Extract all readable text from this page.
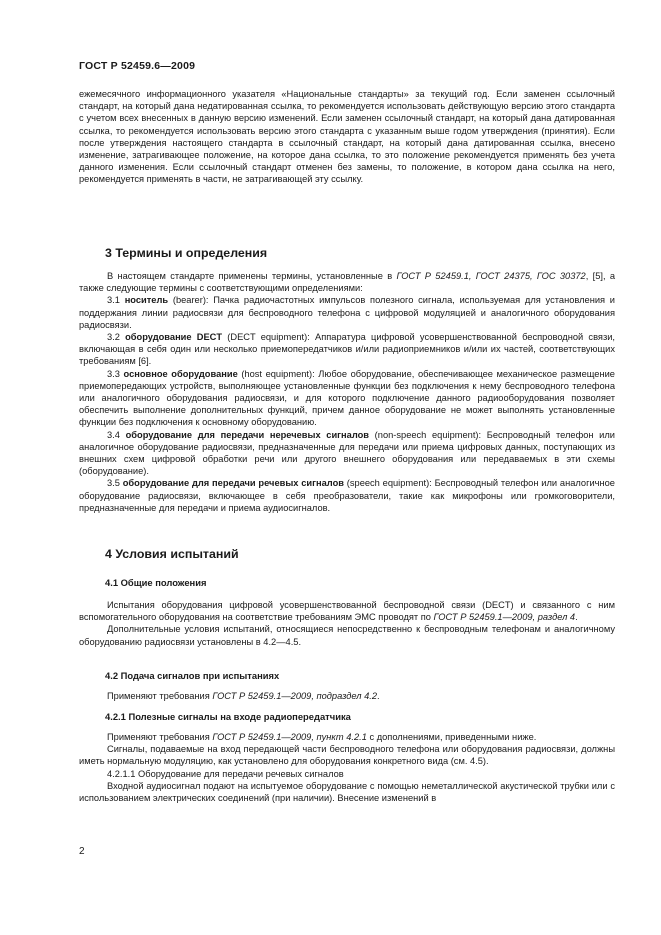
ГОСТ Р 52459.6—2009

ежемесячного информационного указателя «Национальные стандарты» за текущий год. Если заменен ссылочный стандарт, на который дана недатированная ссылка, то рекомендуется использовать действующую версию этого стандарта с учетом всех внесенных в данную версию изменений. Если заменен ссылочный стандарт, на который дана датированная ссылка, то рекомендуется использовать версию этого стандарта с указанным выше годом утверждения (принятия). Если после утверждения настоящего стандарта в ссылочный стандарт, на который дана датированная ссылка, внесено изменение, затрагивающее положение, на которое дана ссылка, то это положение рекомендуется применять без учета данного изменения. Если ссылочный стандарт отменен без замены, то положение, в котором дана ссылка на него, рекомендуется применять в части, не затрагивающей эту ссылку.

3 Термины и определения

В настоящем стандарте применены термины, установленные в ГОСТ Р 52459.1, ГОСТ 24375, ГОС 30372, [5], а также следующие термины с соответствующими определениями:

3.1 носитель (bearer): Пачка радиочастотных импульсов полезного сигнала, используемая для установления и поддержания линии радиосвязи для беспроводного телефона с цифровой модуляцией и аналогичного оборудования радиосвязи.

3.2 оборудование DECT (DECT equipment): Аппаратура цифровой усовершенствованной беспроводной связи, включающая в себя один или несколько приемопередатчиков и/или радиоприемников и/или их частей, соответствующих требованиям [6].

3.3 основное оборудование (host equipment): Любое оборудование, обеспечивающее механическое размещение приемопередающих устройств, выполняющее установленные функции без подключения к нему беспроводного телефона или аналогичного оборудования радиосвязи, и для которого подключение данного радиооборудования позволяет обеспечить выполнение дополнительных функций, причем данное оборудование не может выполнять установленные функции без подключения к основному оборудованию.

3.4 оборудование для передачи неречевых сигналов (non-speech equipment): Беспроводный телефон или аналогичное оборудование радиосвязи, предназначенные для передачи или приема цифровых данных, поступающих из внешних схем цифровой обработки речи или другого внешнего оборудования или передаваемых в эти схемы (оборудование).

3.5 оборудование для передачи речевых сигналов (speech equipment): Беспроводный телефон или аналогичное оборудование радиосвязи, включающее в себя преобразователи, такие как микрофоны или громкоговорители, предназначенные для передачи и приема аудиосигналов.

4 Условия испытаний
4.1 Общие положения

Испытания оборудования цифровой усовершенствованной беспроводной связи (DECT) и связанного с ним вспомогательного оборудования на соответствие требованиям ЭМС проводят по ГОСТ Р 52459.1—2009, раздел 4.

Дополнительные условия испытаний, относящиеся непосредственно к беспроводным телефонам и аналогичному оборудованию радиосвязи установлены в 4.2—4.5.

4.2 Подача сигналов при испытаниях

Применяют требования ГОСТ Р 52459.1—2009, подраздел 4.2.

4.2.1 Полезные сигналы на входе радиопередатчика

Применяют требования ГОСТ Р 52459.1—2009, пункт 4.2.1 с дополнениями, приведенными ниже.

Сигналы, подаваемые на вход передающей части беспроводного телефона или оборудования радиосвязи, должны иметь нормальную модуляцию, как установлено для оборудования конкретного вида (см. 4.5).

4.2.1.1 Оборудование для передачи речевых сигналов

Входной аудиосигнал подают на испытуемое оборудование с помощью неметаллической акустической трубки или с использованием электрических соединений (при наличии). Внесение изменений в

2
